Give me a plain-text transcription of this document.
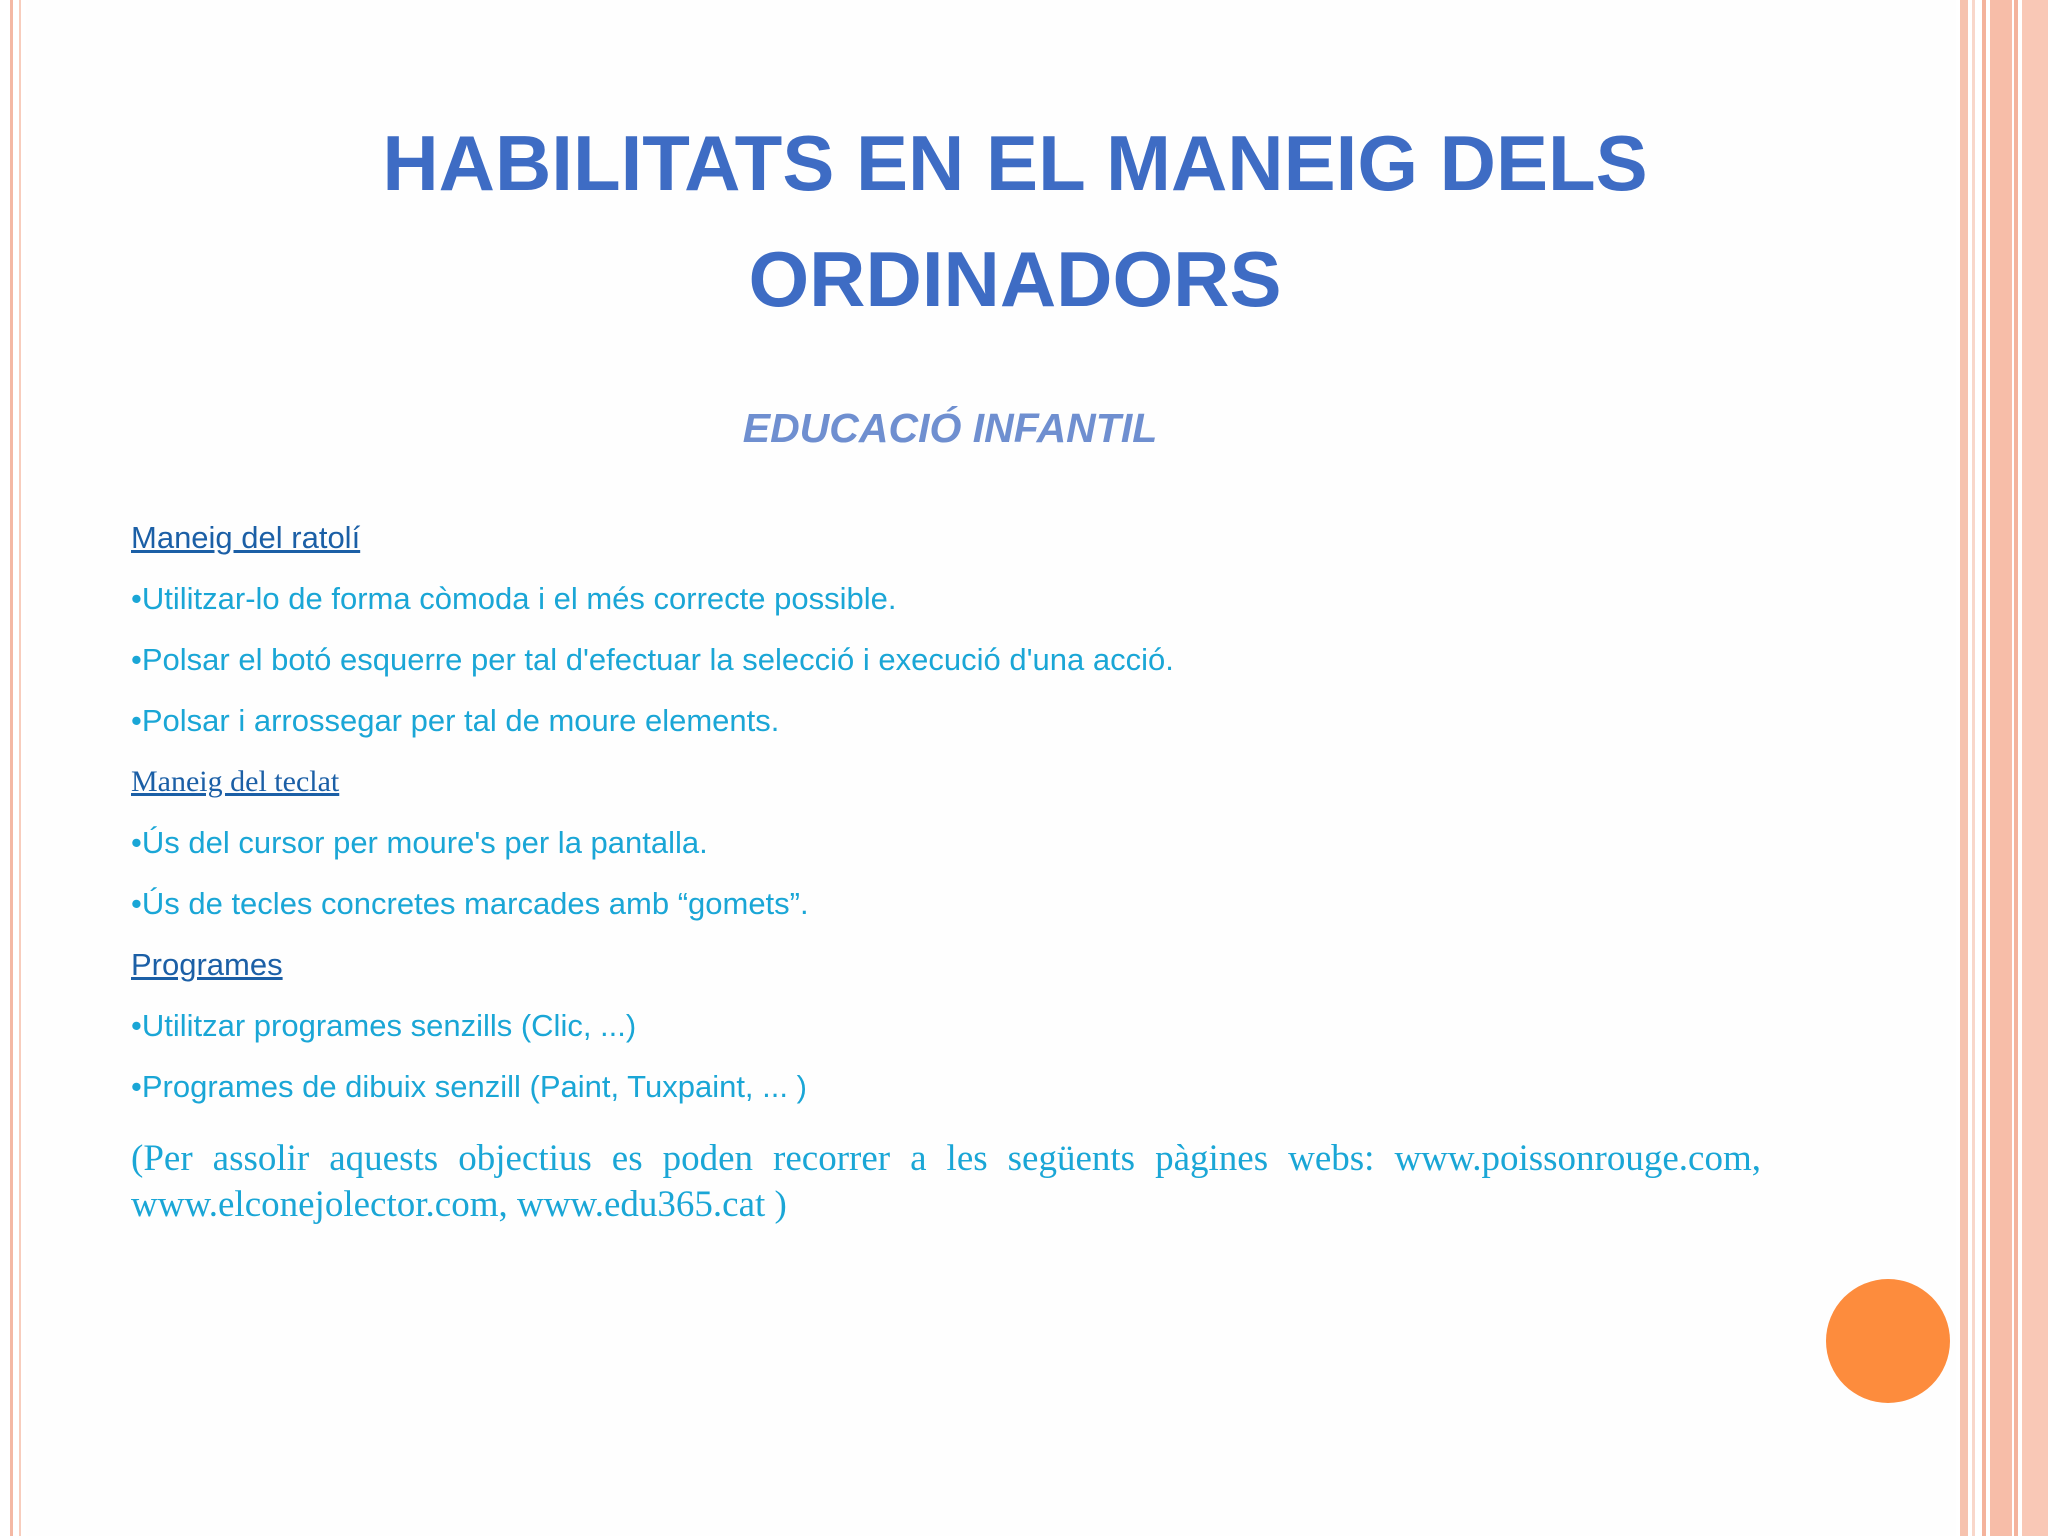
HABILITATS EN EL MANEIG DELS
ORDINADORS
EDUCACIÓ INFANTIL
Maneig del ratolí
•Utilitzar-lo de forma còmoda i el més correcte possible.
•Polsar el botó esquerre per tal d'efectuar la selecció i execució d'una acció.
•Polsar i arrossegar per tal de moure elements.
Maneig del teclat
•Ús del cursor per moure's per la pantalla.
•Ús de tecles concretes marcades amb “gomets”.
Programes
•Utilitzar programes senzills (Clic, ...)
•Programes de dibuix senzill (Paint, Tuxpaint, ... )
(Per assolir aquests objectius es poden recorrer a les següents pàgines webs: www.poissonrouge.com, www.elconejolector.com, www.edu365.cat )
